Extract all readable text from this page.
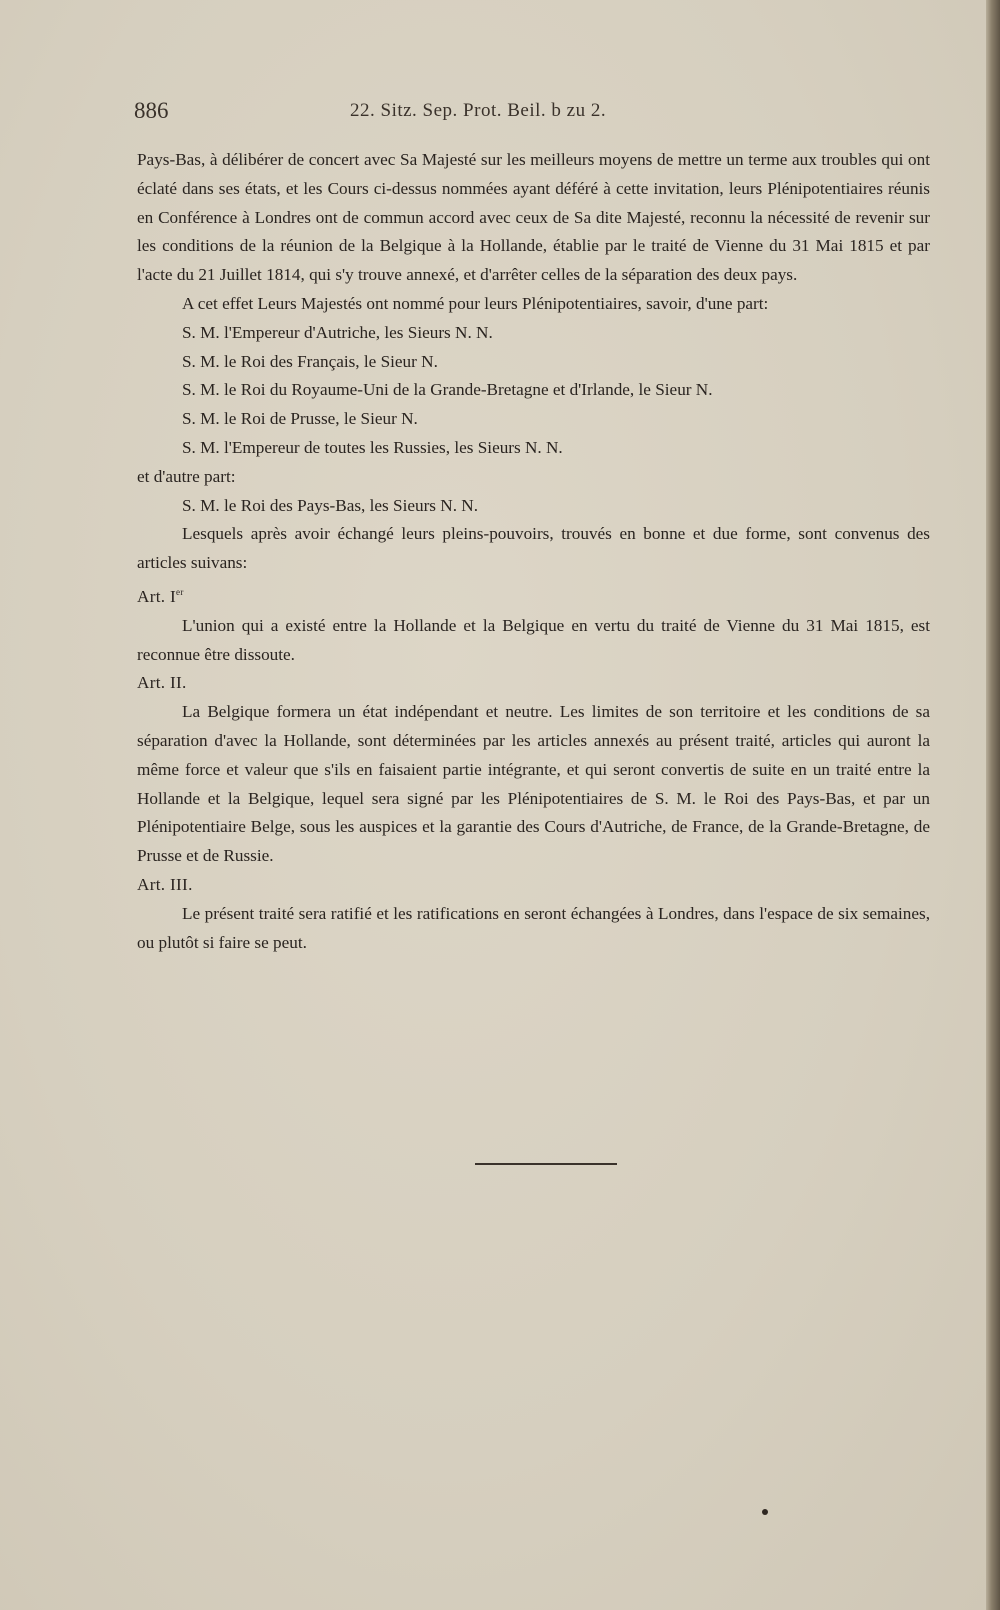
886	22. Sitz. Sep. Prot. Beil. b zu 2.

Pays-Bas, à délibérer de concert avec Sa Majesté sur les meilleurs moyens de mettre un terme aux troubles qui ont éclaté dans ses états, et les Cours ci-dessus nommées ayant déféré à cette invitation, leurs Plénipotentiaires réunis en Conférence à Londres ont de commun accord avec ceux de Sa dite Majesté, reconnu la nécessité de revenir sur les conditions de la réunion de la Belgique à la Hollande, établie par le traité de Vienne du 31 Mai 1815 et par l'acte du 21 Juillet 1814, qui s'y trouve annexé, et d'arrêter celles de la séparation des deux pays.

A cet effet Leurs Majestés ont nommé pour leurs Plénipotentiaires, savoir, d'une part:

S. M. l'Empereur d'Autriche, les Sieurs N. N.
S. M. le Roi des Français, le Sieur N.
S. M. le Roi du Royaume-Uni de la Grande-Bretagne et d'Irlande, le Sieur N.
S. M. le Roi de Prusse, le Sieur N.
S. M. l'Empereur de toutes les Russies, les Sieurs N. N.

et d'autre part:

S. M. le Roi des Pays-Bas, les Sieurs N. N.

Lesquels après avoir échangé leurs pleins-pouvoirs, trouvés en bonne et due forme, sont convenus des articles suivans:

Art. Ier

L'union qui a existé entre la Hollande et la Belgique en vertu du traité de Vienne du 31 Mai 1815, est reconnue être dissoute.

Art. II.

La Belgique formera un état indépendant et neutre. Les limites de son territoire et les conditions de sa séparation d'avec la Hollande, sont déterminées par les articles annexés au présent traité, articles qui auront la même force et valeur que s'ils en faisaient partie intégrante, et qui seront convertis de suite en un traité entre la Hollande et la Belgique, lequel sera signé par les Plénipotentiaires de S. M. le Roi des Pays-Bas, et par un Plénipotentiaire Belge, sous les auspices et la garantie des Cours d'Autriche, de France, de la Grande-Bretagne, de Prusse et de Russie.

Art. III.

Le présent traité sera ratifié et les ratifications en seront échangées à Londres, dans l'espace de six semaines, ou plutôt si faire se peut.
